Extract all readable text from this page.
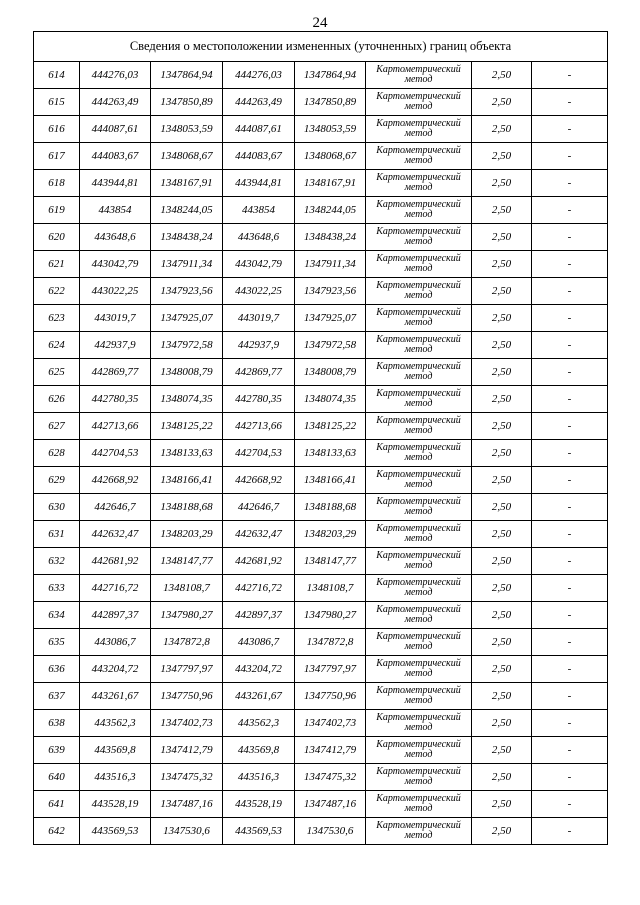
24
Сведения о местоположении измененных (уточненных) границ объекта							
614	444276,03	1347864,94	444276,03	1347864,94	Картометрический метод	2,50	-
615	444263,49	1347850,89	444263,49	1347850,89	Картометрический метод	2,50	-
616	444087,61	1348053,59	444087,61	1348053,59	Картометрический метод	2,50	-
617	444083,67	1348068,67	444083,67	1348068,67	Картометрический метод	2,50	-
618	443944,81	1348167,91	443944,81	1348167,91	Картометрический метод	2,50	-
619	443854	1348244,05	443854	1348244,05	Картометрический метод	2,50	-
620	443648,6	1348438,24	443648,6	1348438,24	Картометрический метод	2,50	-
621	443042,79	1347911,34	443042,79	1347911,34	Картометрический метод	2,50	-
622	443022,25	1347923,56	443022,25	1347923,56	Картометрический метод	2,50	-
623	443019,7	1347925,07	443019,7	1347925,07	Картометрический метод	2,50	-
624	442937,9	1347972,58	442937,9	1347972,58	Картометрический метод	2,50	-
625	442869,77	1348008,79	442869,77	1348008,79	Картометрический метод	2,50	-
626	442780,35	1348074,35	442780,35	1348074,35	Картометрический метод	2,50	-
627	442713,66	1348125,22	442713,66	1348125,22	Картометрический метод	2,50	-
628	442704,53	1348133,63	442704,53	1348133,63	Картометрический метод	2,50	-
629	442668,92	1348166,41	442668,92	1348166,41	Картометрический метод	2,50	-
630	442646,7	1348188,68	442646,7	1348188,68	Картометрический метод	2,50	-
631	442632,47	1348203,29	442632,47	1348203,29	Картометрический метод	2,50	-
632	442681,92	1348147,77	442681,92	1348147,77	Картометрический метод	2,50	-
633	442716,72	1348108,7	442716,72	1348108,7	Картометрический метод	2,50	-
634	442897,37	1347980,27	442897,37	1347980,27	Картометрический метод	2,50	-
635	443086,7	1347872,8	443086,7	1347872,8	Картометрический метод	2,50	-
636	443204,72	1347797,97	443204,72	1347797,97	Картометрический метод	2,50	-
637	443261,67	1347750,96	443261,67	1347750,96	Картометрический метод	2,50	-
638	443562,3	1347402,73	443562,3	1347402,73	Картометрический метод	2,50	-
639	443569,8	1347412,79	443569,8	1347412,79	Картометрический метод	2,50	-
640	443516,3	1347475,32	443516,3	1347475,32	Картометрический метод	2,50	-
641	443528,19	1347487,16	443528,19	1347487,16	Картометрический метод	2,50	-
642	443569,53	1347530,6	443569,53	1347530,6	Картометрический метод	2,50	-
